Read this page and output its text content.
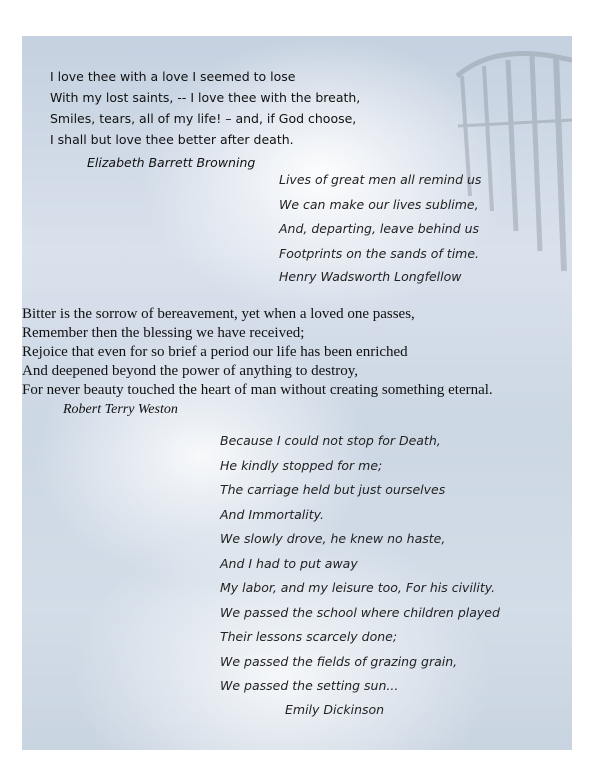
I love thee with a love I seemed to lose
With my lost saints, -- I love thee with the breath,
Smiles, tears, all of my life! – and, if God choose,
I shall but love thee better after death.
Elizabeth Barrett Browning
Lives of great men all remind us
We can make our lives sublime,
And, departing, leave behind us
Footprints on the sands of time.
Henry Wadsworth Longfellow
Bitter is the sorrow of bereavement, yet when a loved one passes,
Remember then the blessing we have received;
Rejoice that even for so brief a period our life has been enriched
And deepened beyond the power of anything to destroy,
For never beauty touched the heart of man without creating something eternal.
Robert Terry Weston
Because I could not stop for Death,
He kindly stopped for me;
The carriage held but just ourselves
And Immortality.
We slowly drove, he knew no haste,
And I had to put away
My labor, and my leisure too, For his civility.
We passed the school where children played
Their lessons scarcely done;
We passed the fields of grazing grain,
We passed the setting sun...
Emily Dickinson
